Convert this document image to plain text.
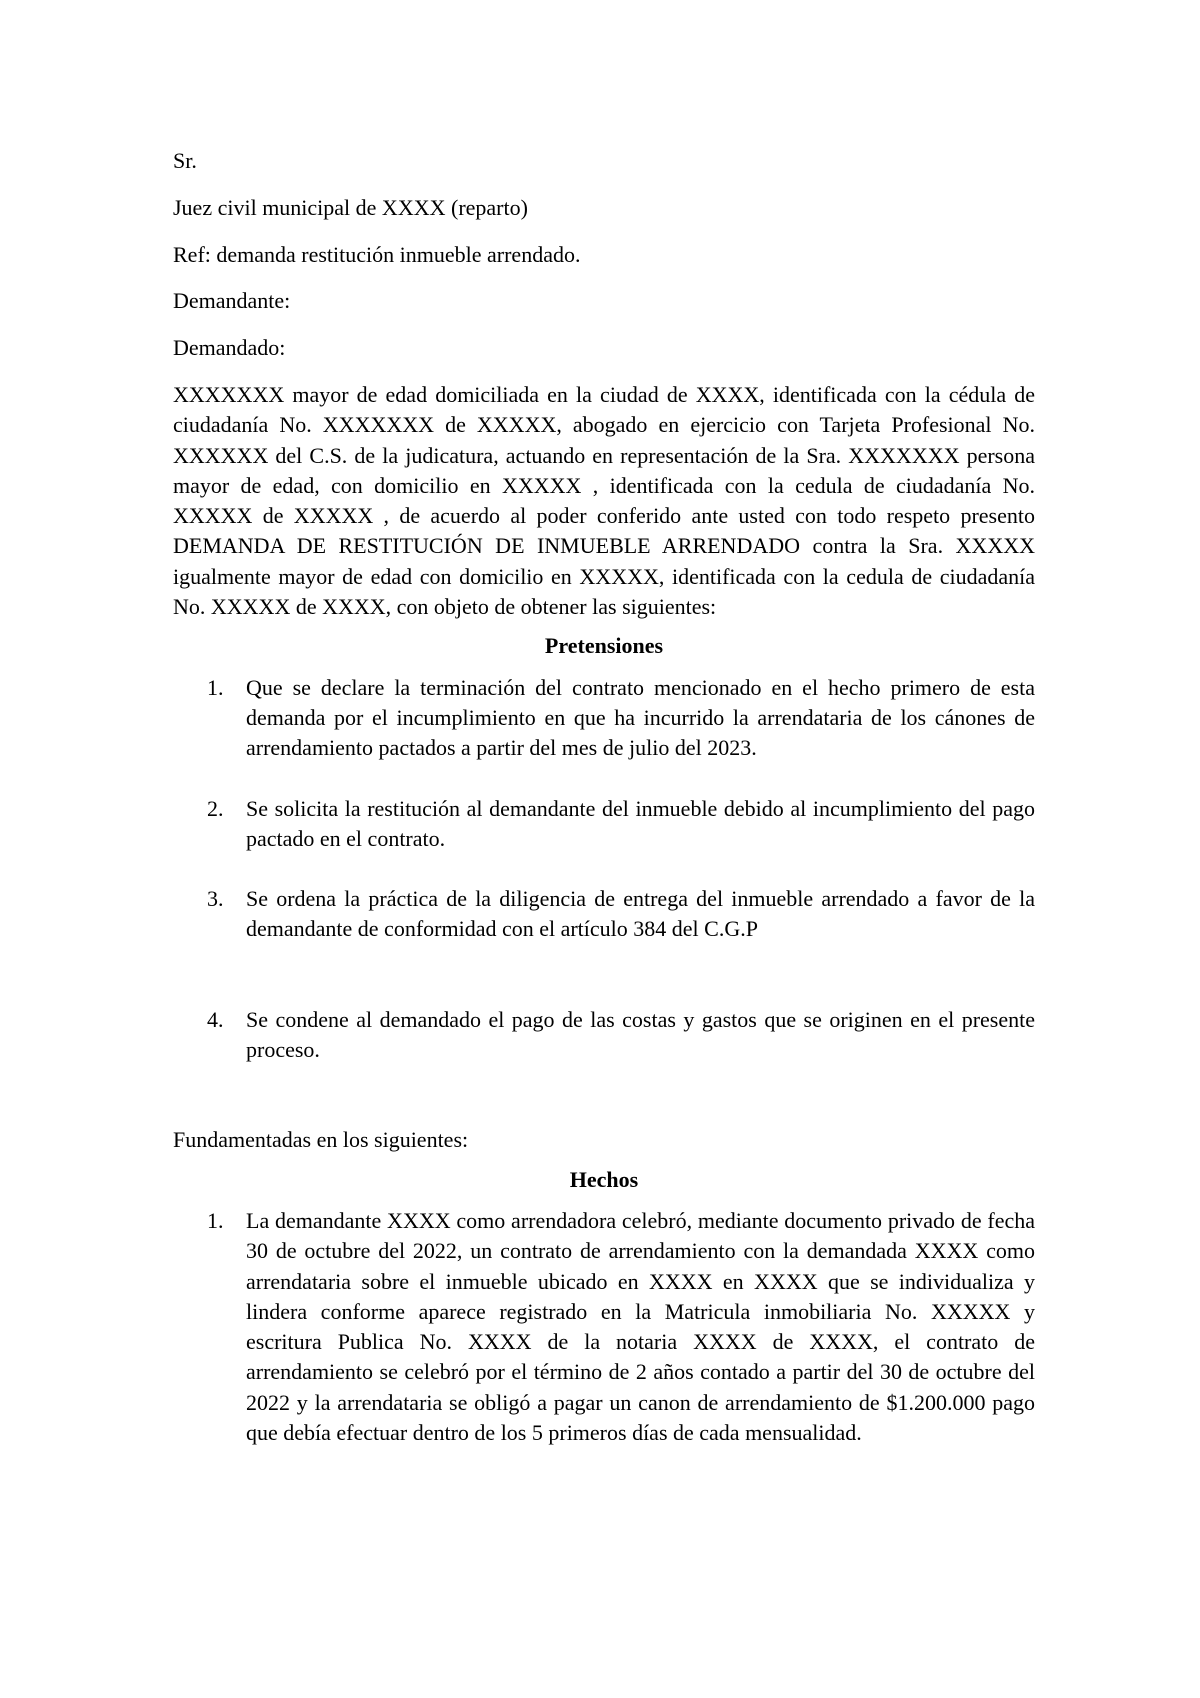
Sr.

Juez civil municipal de XXXX (reparto)

Ref: demanda restitución inmueble arrendado.

Demandante:

Demandado:

XXXXXXX mayor de edad domiciliada en la ciudad de XXXX, identificada con la cédula de ciudadanía No. XXXXXXX de XXXXX, abogado en ejercicio con Tarjeta Profesional No. XXXXXX del C.S. de la judicatura, actuando en representación de la Sra. XXXXXXX persona mayor de edad, con domicilio en XXXXX , identificada con la cedula de ciudadanía No. XXXXX de XXXXX , de acuerdo al poder conferido ante usted con todo respeto presento DEMANDA DE RESTITUCIÓN DE INMUEBLE ARRENDADO contra la Sra. XXXXX igualmente mayor de edad con domicilio en XXXXX, identificada con la cedula de ciudadanía No. XXXXX de XXXX, con objeto de obtener las siguientes:

Pretensiones

1. Que se declare la terminación del contrato mencionado en el hecho primero de esta demanda por el incumplimiento en que ha incurrido la arrendataria de los cánones de arrendamiento pactados a partir del mes de julio del 2023.
2. Se solicita la restitución al demandante del inmueble debido al incumplimiento del pago pactado en el contrato.
3. Se ordena la práctica de la diligencia de entrega del inmueble arrendado a favor de la demandante de conformidad con el artículo 384 del C.G.P
4. Se condene al demandado el pago de las costas y gastos que se originen en el presente proceso.

Fundamentadas en los siguientes:

Hechos

1. La demandante XXXX como arrendadora celebró, mediante documento privado de fecha 30 de octubre del 2022, un contrato de arrendamiento con la demandada XXXX como arrendataria sobre el inmueble ubicado en XXXX en XXXX que se individualiza y lindera conforme aparece registrado en la Matricula inmobiliaria No. XXXXX y escritura Publica No. XXXX de la notaria XXXX de XXXX, el contrato de arrendamiento se celebró por el término de 2 años contado a partir del 30 de octubre del 2022 y la arrendataria se obligó a pagar un canon de arrendamiento de $1.200.000 pago que debía efectuar dentro de los 5 primeros días de cada mensualidad.
